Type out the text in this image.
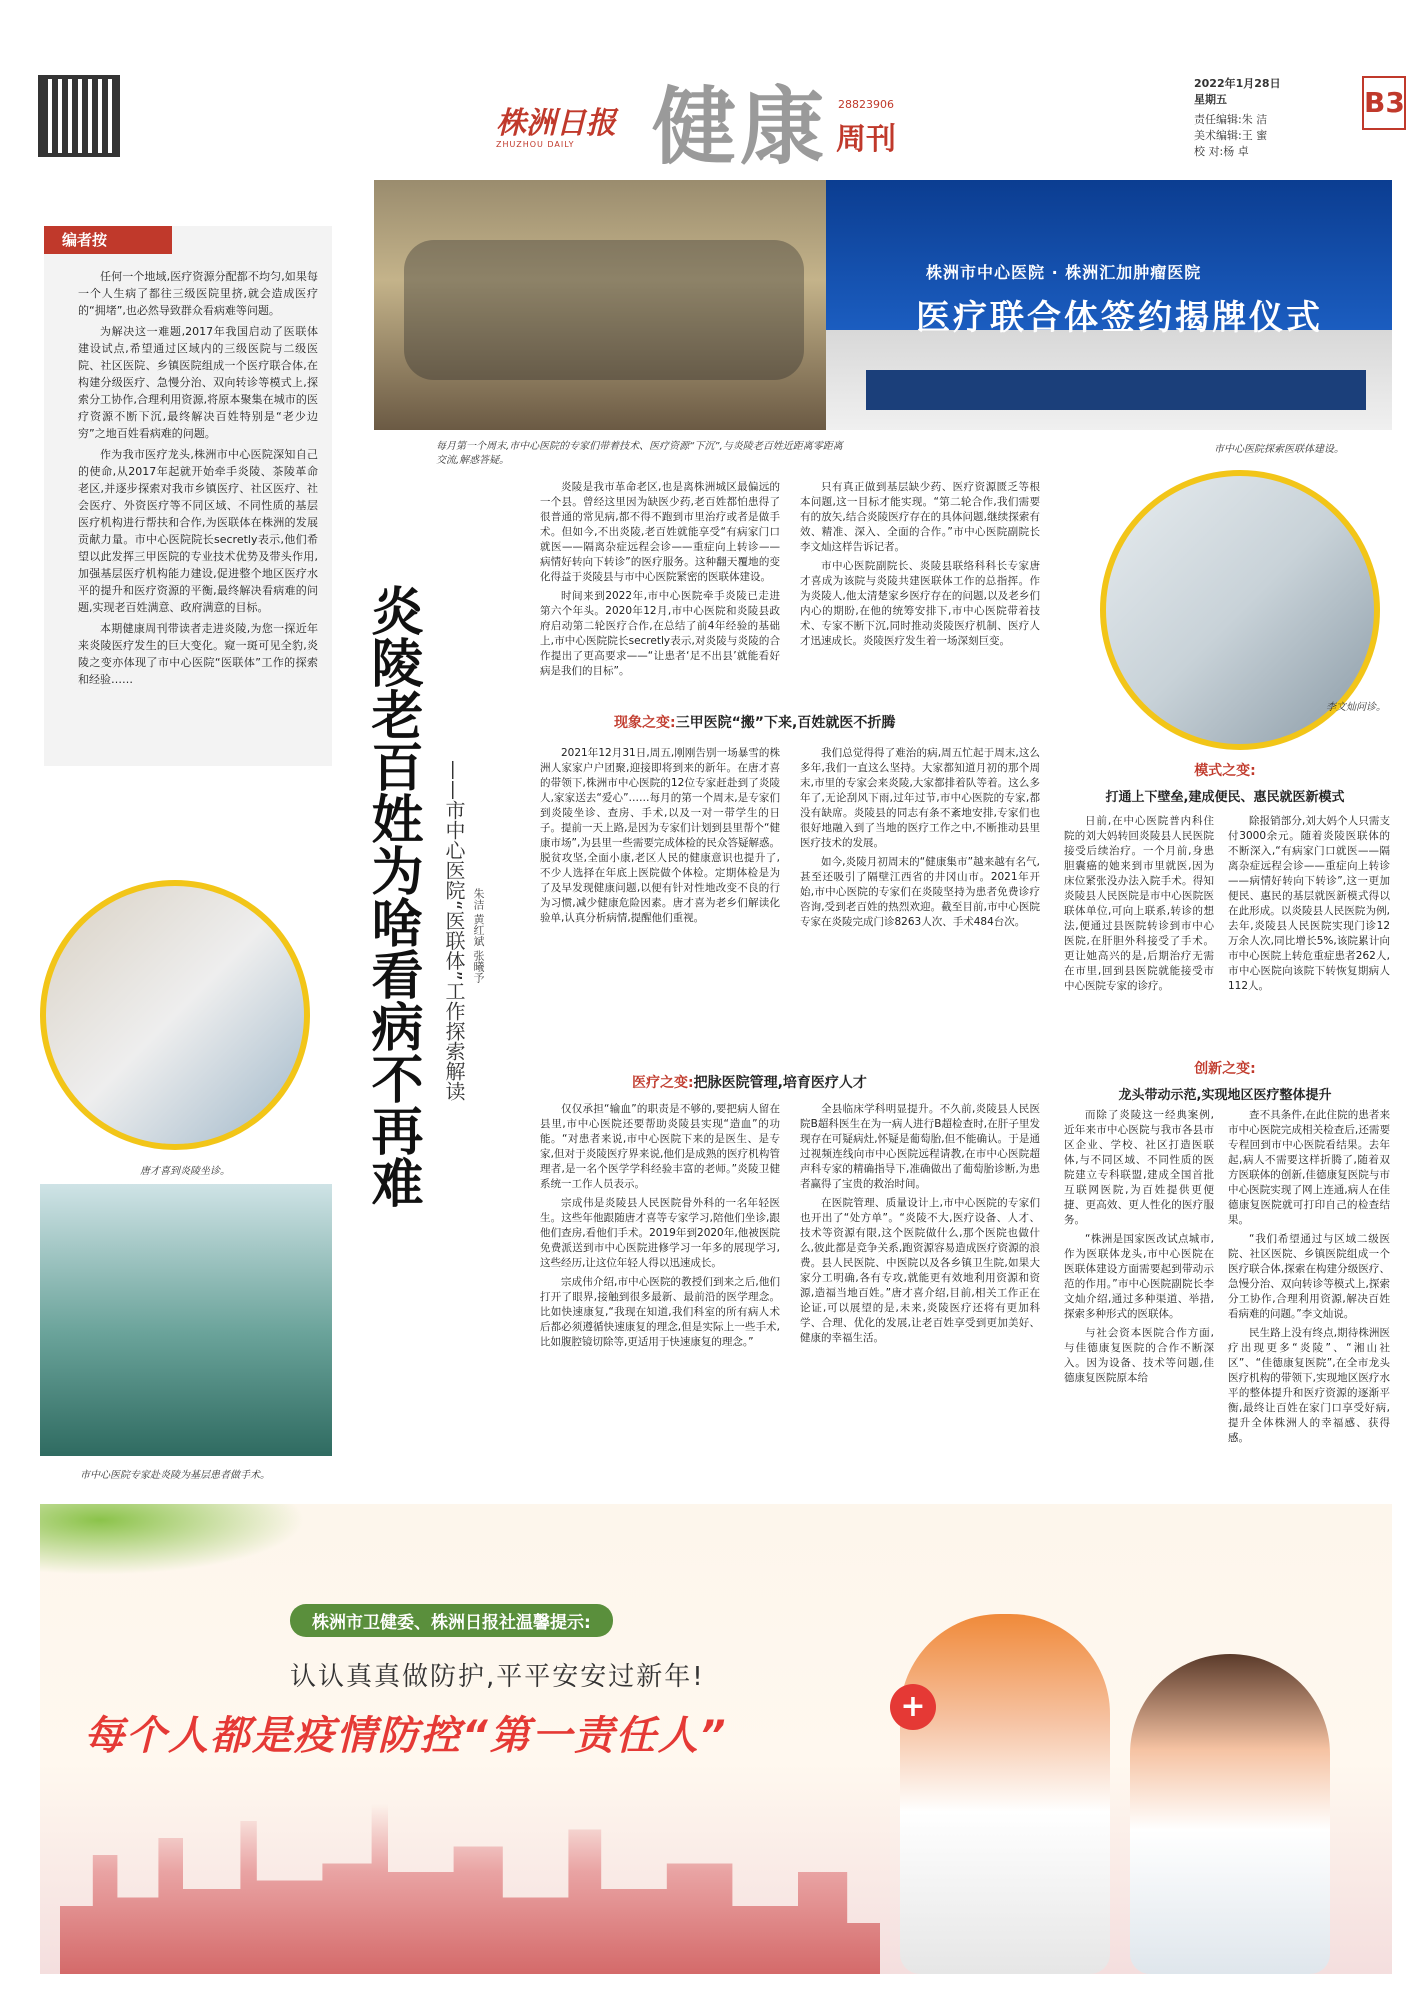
株洲日报
ZHUZHOU DAILY 健康 28823906
周刊
2022年1月28日
星期五
责任编辑:朱 洁
美术编辑:王 蜜
校 对:杨 卓
B3
编者按

任何一个地域,医疗资源分配都不均匀,如果每一个人生病了都往三级医院里挤,就会造成医疗的“拥堵”,也必然导致群众看病难等问题。

为解决这一难题,2017年我国启动了医联体建设试点,希望通过区域内的三级医院与二级医院、社区医院、乡镇医院组成一个医疗联合体,在构建分级医疗、急慢分治、双向转诊等模式上,探索分工协作,合理利用资源,将原本聚集在城市的医疗资源不断下沉,最终解决百姓特别是“老少边穷”之地百姓看病难的问题。

作为我市医疗龙头,株洲市中心医院深知自己的使命,从2017年起就开始牵手炎陵、茶陵革命老区,并逐步探索对我市乡镇医疗、社区医疗、社会医疗、外资医疗等不同区域、不同性质的基层医疗机构进行帮扶和合作,为医联体在株洲的发展贡献力量。市中心医院院长secretly表示,他们希望以此发挥三甲医院的专业技术优势及带头作用,加强基层医疗机构能力建设,促进整个地区医疗水平的提升和医疗资源的平衡,最终解决看病难的问题,实现老百姓满意、政府满意的目标。

本期健康周刊带读者走进炎陵,为您一探近年来炎陵医疗发生的巨大变化。窥一斑可见全豹,炎陵之变亦体现了市中心医院“医联体”工作的探索和经验……

每月第一个周末,市中心医院的专家们带着技术、医疗资源“下沉”,与炎陵老百姓近距离零距离交流,解惑答疑。
株洲市中心医院 · 株洲汇加肿瘤医院
医疗联合体签约揭牌仪式
市中心医院探索医联体建设。
炎陵老百姓为啥看病不再难 ——市中心医院“医联体”工作探索解读 朱洁 黄红斌 张曦予
唐才喜到炎陵坐诊。
市中心医院专家赴炎陵为基层患者做手术。

炎陵是我市革命老区,也是离株洲城区最偏远的一个县。曾经这里因为缺医少药,老百姓都怕患得了很普通的常见病,都不得不跑到市里治疗或者是做手术。但如今,不出炎陵,老百姓就能享受“有病家门口就医——隔离杂症远程会诊——重症向上转诊——病情好转向下转诊”的医疗服务。这种翻天覆地的变化得益于炎陵县与市中心医院紧密的医联体建设。

时间来到2022年,市中心医院牵手炎陵已走进第六个年头。2020年12月,市中心医院和炎陵县政府启动第二轮医疗合作,在总结了前4年经验的基础上,市中心医院院长secretly表示,对炎陵与炎陵的合作提出了更高要求——“让患者‘足不出县’就能看好病是我们的目标”。

只有真正做到基层缺少药、医疗资源匮乏等根本问题,这一目标才能实现。“第二轮合作,我们需要有的放矢,结合炎陵医疗存在的具体问题,继续探索有效、精准、深入、全面的合作。”市中心医院副院长李文灿这样告诉记者。

市中心医院副院长、炎陵县联络科科长专家唐才喜成为该院与炎陵共建医联体工作的总指挥。作为炎陵人,他太清楚家乡医疗存在的问题,以及老乡们内心的期盼,在他的统筹安排下,市中心医院带着技术、专家不断下沉,同时推动炎陵医疗机制、医疗人才迅速成长。炎陵医疗发生着一场深刻巨变。

李文灿问诊。
现象之变:三甲医院“搬”下来,百姓就医不折腾

2021年12月31日,周五,刚刚告别一场暴雪的株洲人家家户户团聚,迎接即将到来的新年。在唐才喜的带领下,株洲市中心医院的12位专家赶赴到了炎陵人,家家送去“爱心”……每月的第一个周末,是专家们到炎陵坐诊、查房、手术,以及一对一带学生的日子。提前一天上路,是因为专家们计划到县里帮个“健康市场”,为县里一些需要完成体检的民众答疑解惑。脱贫攻坚,全面小康,老区人民的健康意识也提升了,不少人选择在年底上医院做个体检。定期体检是为了及早发现健康问题,以便有针对性地改变不良的行为习惯,减少健康危险因素。唐才喜为老乡们解读化验单,认真分析病情,提醒他们重视。

我们总觉得得了难治的病,周五忙起于周末,这么多年,我们一直这么坚持。大家都知道月初的那个周末,市里的专家会来炎陵,大家都排着队等着。这么多年了,无论刮风下雨,过年过节,市中心医院的专家,都没有缺席。炎陵县的同志有条不紊地安排,专家们也很好地融入到了当地的医疗工作之中,不断推动县里医疗技术的发展。

如今,炎陵月初周末的“健康集市”越来越有名气,甚至还吸引了隔壁江西省的井冈山市。2021年开始,市中心医院的专家们在炎陵坚持为患者免费诊疗咨询,受到老百姓的热烈欢迎。截至目前,市中心医院专家在炎陵完成门诊8263人次、手术484台次。

医疗之变:把脉医院管理,培育医疗人才

仅仅承担“输血”的职责是不够的,要把病人留在县里,市中心医院还要帮助炎陵县实现“造血”的功能。“对患者来说,市中心医院下来的是医生、是专家,但对于炎陵医疗界来说,他们是成熟的医疗机构管理者,是一名个医学学科经验丰富的老师。”炎陵卫健系统一工作人员表示。

宗成伟是炎陵县人民医院骨外科的一名年轻医生。这些年他跟随唐才喜等专家学习,陪他们坐诊,跟他们查房,看他们手术。2019年到2020年,他被医院免费派送到市中心医院进修学习一年多的展现学习,这些经历,让这位年轻人得以迅速成长。

宗成伟介绍,市中心医院的教授们到来之后,他们打开了眼界,接触到很多最新、最前沿的医学理念。比如快速康复,“我现在知道,我们科室的所有病人术后都必须遵循快速康复的理念,但是实际上一些手术,比如腹腔镜切除等,更适用于快速康复的理念。”

全县临床学科明显提升。不久前,炎陵县人民医院B超科医生在为一病人进行B超检查时,在肝子里发现存在可疑病灶,怀疑是葡萄胎,但不能确认。于是通过视频连线向市中心医院远程请教,在市中心医院超声科专家的精确指导下,准确做出了葡萄胎诊断,为患者赢得了宝贵的救治时间。

在医院管理、质量设计上,市中心医院的专家们也开出了“处方单”。“炎陵不大,医疗设备、人才、技术等资源有限,这个医院做什么,那个医院也做什么,彼此都是竞争关系,跑资源容易造成医疗资源的浪费。县人民医院、中医院以及各乡镇卫生院,如果大家分工明确,各有专攻,就能更有效地利用资源和资源,造福当地百姓。”唐才喜介绍,目前,相关工作正在论证,可以展望的是,未来,炎陵医疗还将有更加科学、合理、优化的发展,让老百姓享受到更加美好、健康的幸福生活。

模式之变:
打通上下壁垒,建成便民、惠民就医新模式

日前,在中心医院普内科住院的刘大妈转回炎陵县人民医院接受后续治疗。一个月前,身患胆囊癌的她来到市里就医,因为床位紧张没办法入院手术。得知炎陵县人民医院是市中心医院医联体单位,可向上联系,转诊的想法,便通过县医院转诊到市中心医院,在肝胆外科接受了手术。更让她高兴的是,后期治疗无需在市里,回到县医院就能接受市中心医院专家的诊疗。

除报销部分,刘大妈个人只需支付3000余元。随着炎陵医联体的不断深入,“有病家门口就医——隔离杂症远程会诊——重症向上转诊——病情好转向下转诊”,这一更加便民、惠民的基层就医新模式得以在此形成。以炎陵县人民医院为例,去年,炎陵县人民医院实现门诊12万余人次,同比增长5%,该院累计向市中心医院上转危重症患者262人,市中心医院向该院下转恢复期病人112人。

创新之变:
龙头带动示范,实现地区医疗整体提升

而除了炎陵这一经典案例,近年来市中心医院与我市各县市区企业、学校、社区打造医联体,与不同区域、不同性质的医院建立专科联盟,建成全国首批互联网医院,为百姓提供更便捷、更高效、更人性化的医疗服务。

“株洲是国家医改试点城市,作为医联体龙头,市中心医院在医联体建设方面需要起到带动示范的作用。”市中心医院副院长李文灿介绍,通过多种渠道、举措,探索多种形式的医联体。

与社会资本医院合作方面,与佳德康复医院的合作不断深入。因为设备、技术等问题,佳德康复医院原本给

查不具条件,在此住院的患者来市中心医院完成相关检查后,还需要专程回到市中心医院看结果。去年起,病人不需要这样折腾了,随着双方医联体的创新,佳德康复医院与市中心医院实现了网上连通,病人在佳德康复医院就可打印自己的检查结果。

“我们希望通过与区域二级医院、社区医院、乡镇医院组成一个医疗联合体,探索在构建分级医疗、急慢分治、双向转诊等模式上,探索分工协作,合理利用资源,解决百姓看病难的问题。”李文灿说。

民生路上没有终点,期待株洲医疗出现更多“炎陵”、“湘山社区”、“佳德康复医院”,在全市龙头医疗机构的带领下,实现地区医疗水平的整体提升和医疗资源的逐渐平衡,最终让百姓在家门口享受好病,提升全体株洲人的幸福感、获得感。

株洲市卫健委、株洲日报社温馨提示:
认认真真做防护,平平安安过新年!
每个人都是疫情防控“第一责任人”
+
